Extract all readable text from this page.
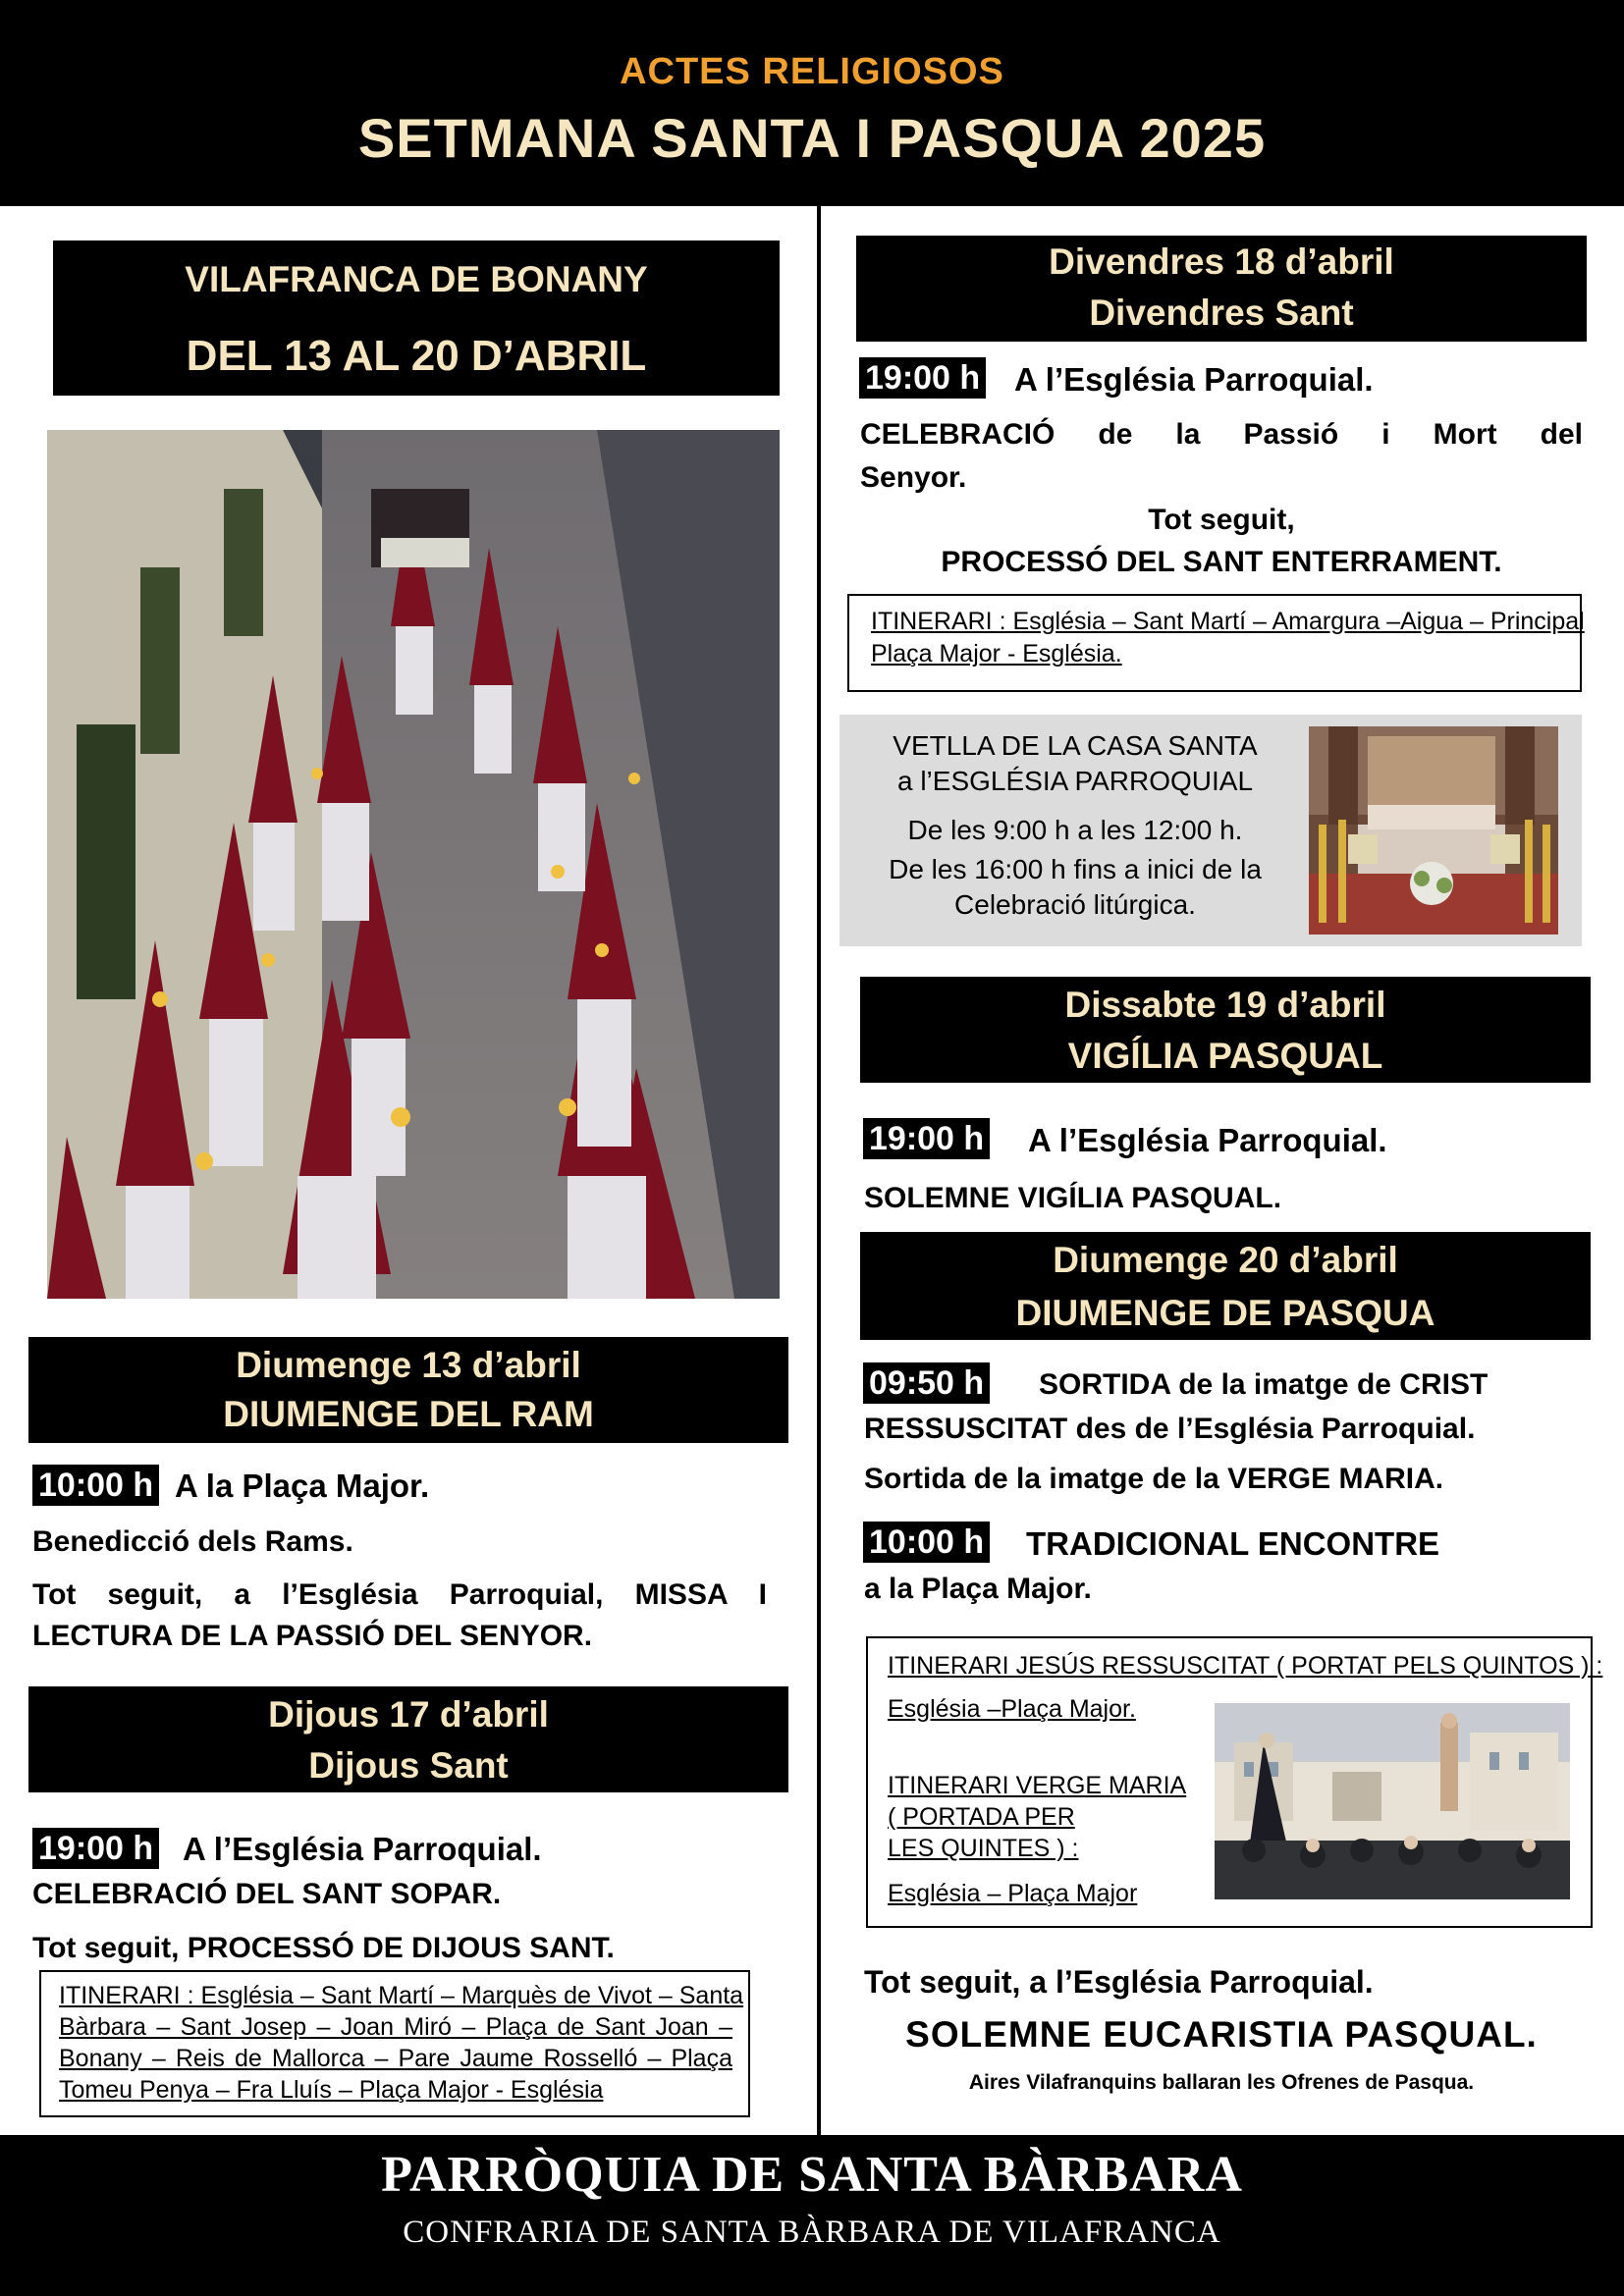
ACTES RELIGIOSOS
SETMANA SANTA I PASQUA 2025
VILAFRANCA DE BONANY
DEL 13 AL 20 D’ABRIL
Diumenge 13 d’abril
DIUMENGE DEL RAM
10:00 h A la Plaça Major.
Benedicció dels Rams.
Tot seguit, a l’Església Parroquial, MISSA I
LECTURA DE LA PASSIÓ DEL SENYOR.
Dijous 17 d’abril
Dijous Sant
19:00 h A l’Església Parroquial.
CELEBRACIÓ DEL SANT SOPAR.
Tot seguit, PROCESSÓ DE DIJOUS SANT.
ITINERARI : Església – Sant Martí – Marquès de Vivot – Santa
Bàrbara – Sant Josep – Joan Miró – Plaça de Sant Joan –
Bonany – Reis de Mallorca – Pare Jaume Rosselló – Plaça
Tomeu Penya – Fra Lluís – Plaça Major - Església
Divendres 18 d’abril
Divendres Sant
19:00 h A l’Església Parroquial.
CELEBRACIÓ de la Passió i Mort del
Senyor.
Tot seguit,
PROCESSÓ DEL SANT ENTERRAMENT.
ITINERARI : Església – Sant Martí – Amargura –Aigua – Principal
Plaça Major - Església.
VETLLA DE LA CASA SANTA
a l’ESGLÉSIA PARROQUIAL
De les 9:00 h a les 12:00 h.
De les 16:00 h fins a inici de la
Celebració litúrgica.
Dissabte 19 d’abril
VIGÍLIA PASQUAL
19:00 h A l’Església Parroquial.
SOLEMNE VIGÍLIA PASQUAL.
Diumenge 20 d’abril
DIUMENGE DE PASQUA
09:50 h SORTIDA de la imatge de CRIST
RESSUSCITAT des de l’Església Parroquial.
Sortida de la imatge de la VERGE MARIA.
10:00 h TRADICIONAL ENCONTRE
a la Plaça Major.
ITINERARI JESÚS RESSUSCITAT ( PORTAT PELS QUINTOS ) :
Església –Plaça Major.
ITINERARI VERGE MARIA
( PORTADA PER
LES QUINTES ) :
Església – Plaça Major
Tot seguit, a l’Església Parroquial.
SOLEMNE EUCARISTIA PASQUAL.
Aires Vilafranquins ballaran les Ofrenes de Pasqua.
PARRÒQUIA DE SANTA BÀRBARA
CONFRARIA DE SANTA BÀRBARA DE VILAFRANCA
